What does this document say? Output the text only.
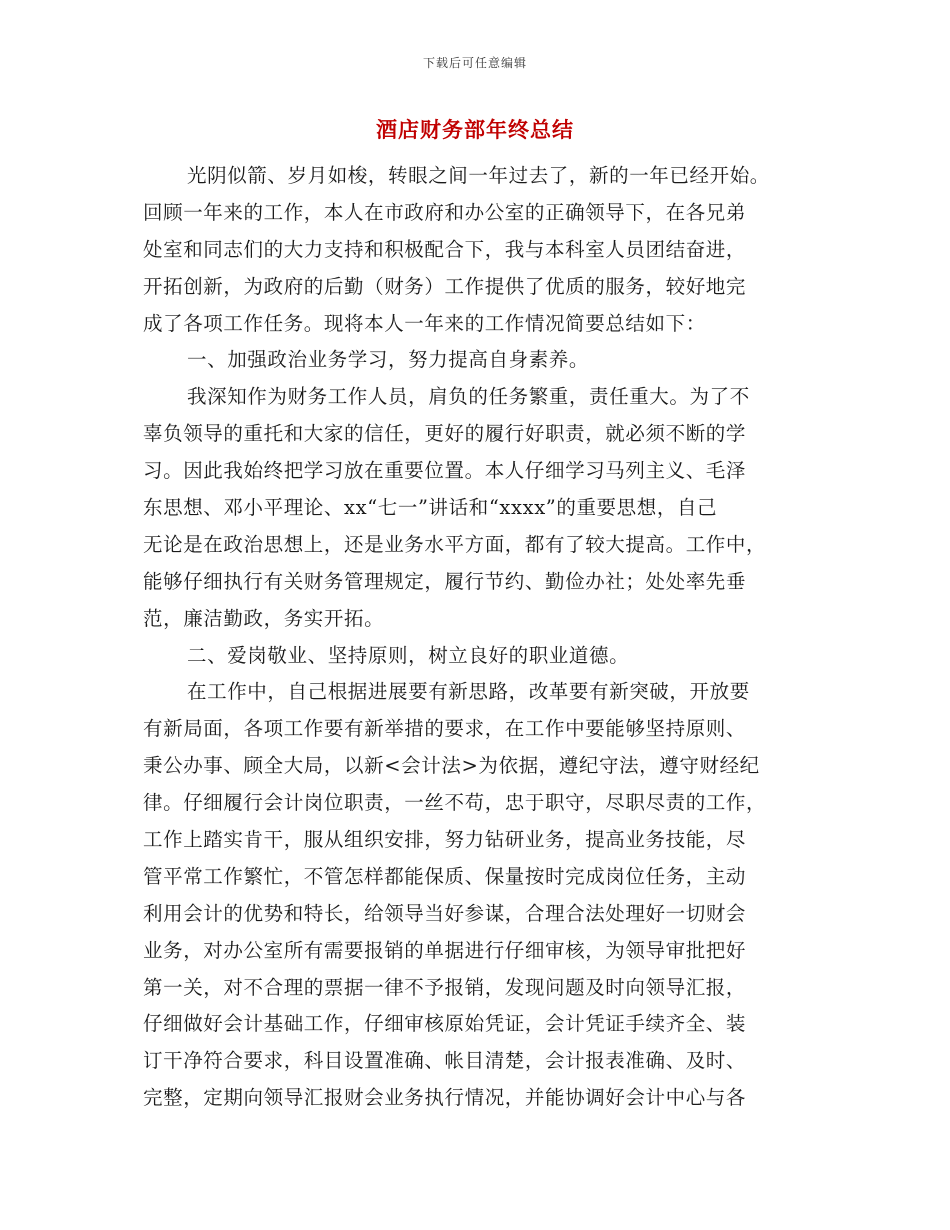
下载后可任意编辑
酒店财务部年终总结
光阴似箭、岁月如梭，转眼之间一年过去了，新的一年已经开始。
回顾一年来的工作，本人在市政府和办公室的正确领导下，在各兄弟
处室和同志们的大力支持和积极配合下，我与本科室人员团结奋进，
开拓创新，为政府的后勤（财务）工作提供了优质的服务，较好地完
成了各项工作任务。现将本人一年来的工作情况简要总结如下：
一、加强政治业务学习，努力提高自身素养。
我深知作为财务工作人员，肩负的任务繁重，责任重大。为了不
辜负领导的重托和大家的信任，更好的履行好职责，就必须不断的学
习。因此我始终把学习放在重要位置。本人仔细学习马列主义、毛泽
东思想、邓小平理论、xx“七一”讲话和“xxxx”的重要思想，自己
无论是在政治思想上，还是业务水平方面，都有了较大提高。工作中，
能够仔细执行有关财务管理规定，履行节约、勤俭办社；处处率先垂
范，廉洁勤政，务实开拓。
二、爱岗敬业、坚持原则，树立良好的职业道德。
在工作中，自己根据进展要有新思路，改革要有新突破，开放要
有新局面，各项工作要有新举措的要求，在工作中要能够坚持原则、
秉公办事、顾全大局，以新<会计法>为依据，遵纪守法，遵守财经纪
律。仔细履行会计岗位职责，一丝不苟，忠于职守，尽职尽责的工作，
工作上踏实肯干，服从组织安排，努力钻研业务，提高业务技能，尽
管平常工作繁忙，不管怎样都能保质、保量按时完成岗位任务，主动
利用会计的优势和特长，给领导当好参谋，合理合法处理好一切财会
业务，对办公室所有需要报销的单据进行仔细审核，为领导审批把好
第一关，对不合理的票据一律不予报销，发现问题及时向领导汇报，
仔细做好会计基础工作，仔细审核原始凭证，会计凭证手续齐全、装
订干净符合要求，科目设置准确、帐目清楚，会计报表准确、及时、
完整，定期向领导汇报财会业务执行情况，并能协调好会计中心与各
